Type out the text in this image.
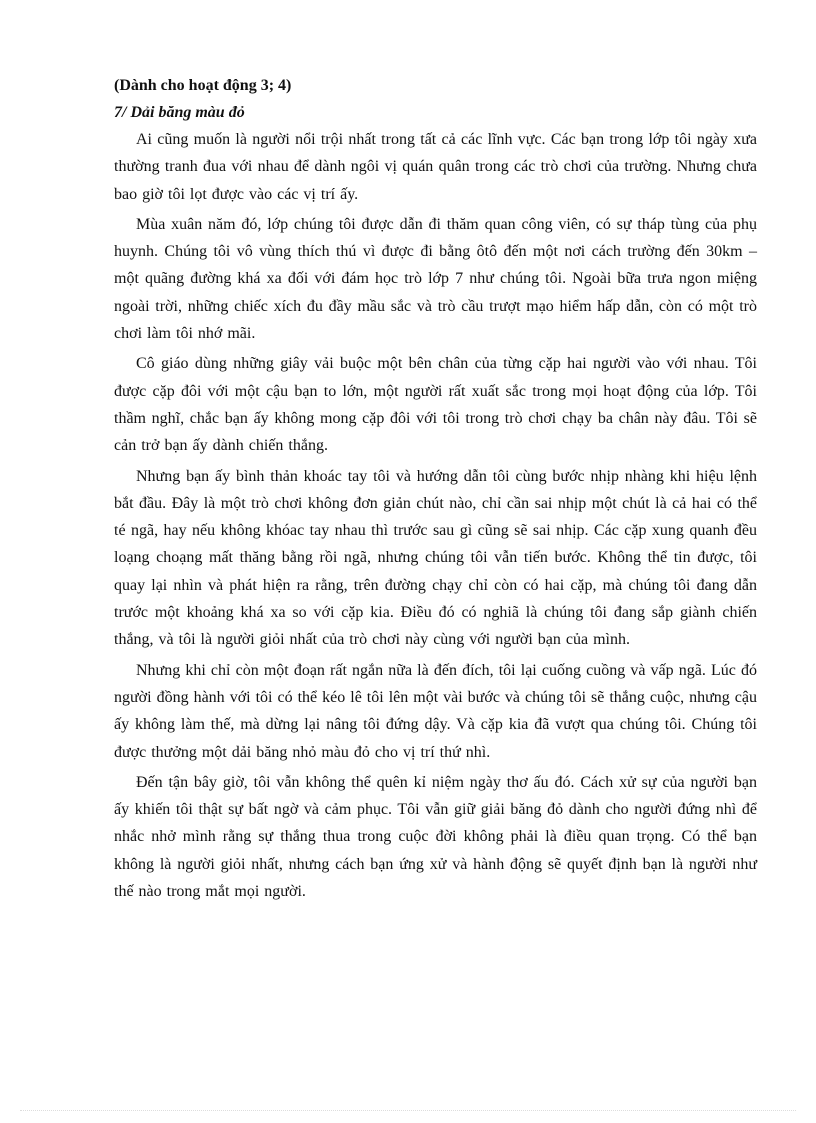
(Dành cho hoạt động 3; 4)

7/ Dải băng màu đỏ

Ai cũng muốn là người nổi trội nhất trong tất cả các lĩnh vực. Các bạn trong lớp tôi ngày xưa thường tranh đua với nhau để dành ngôi vị quán quân trong các trò chơi của trường. Nhưng chưa bao giờ tôi lọt được vào các vị trí ấy.

Mùa xuân năm đó, lớp chúng tôi được dẫn đi thăm quan công viên, có sự tháp tùng của phụ huynh. Chúng tôi vô vùng thích thú vì được đi bằng ôtô đến một nơi cách trường đến 30km – một quãng đường khá xa đối với đám học trò lớp 7 như chúng tôi. Ngoài bữa trưa ngon miệng ngoài trời, những chiếc xích đu đầy mầu sắc và trò cầu trượt mạo hiểm hấp dẫn, còn có một trò chơi làm tôi nhớ mãi.

Cô giáo dùng những giây vải buộc một bên chân của từng cặp hai người vào với nhau. Tôi được cặp đôi với một cậu bạn to lớn, một người rất xuất sắc trong mọi hoạt động của lớp. Tôi thầm nghĩ, chắc bạn ấy không mong cặp đôi với tôi trong trò chơi chạy ba chân này đâu. Tôi sẽ cản trở bạn ấy dành chiến thắng.

Nhưng bạn ấy bình thản khoác tay tôi và hướng dẫn tôi cùng bước nhịp nhàng khi hiệu lệnh bắt đầu. Đây là một trò chơi không đơn giản chút nào, chỉ cần sai nhịp một chút là cả hai có thể té ngã, hay nếu không khóac tay nhau thì trước sau gì cũng sẽ sai nhịp. Các cặp xung quanh đều loạng choạng mất thăng bằng rồi ngã, nhưng chúng tôi vẫn tiến bước. Không thể tin được, tôi quay lại nhìn và phát hiện ra rằng, trên đường chạy chỉ còn có hai cặp, mà chúng tôi đang dẫn trước một khoảng khá xa so với cặp kia. Điều đó có nghiã là chúng tôi đang sắp giành chiến thắng, và tôi là người giỏi nhất của trò chơi này cùng với người bạn của mình.

Nhưng khi chỉ còn một đoạn rất ngắn nữa là đến đích, tôi lại cuống cuồng và vấp ngã. Lúc đó người đồng hành với tôi có thể kéo lê tôi lên một vài bước và chúng tôi sẽ thắng cuộc, nhưng cậu ấy không làm thế, mà dừng lại nâng tôi đứng dậy. Và cặp kia đã vượt qua chúng tôi. Chúng tôi được thưởng một dải băng nhỏ màu đỏ cho vị trí thứ nhì.

Đến tận bây giờ, tôi vẫn không thể quên kỉ niệm ngày thơ ấu đó. Cách xử sự của người bạn ấy khiến tôi thật sự bất ngờ và cảm phục. Tôi vẫn giữ giải băng đỏ dành cho người đứng nhì để nhắc nhở mình rằng sự thắng thua trong cuộc đời không phải là điều quan trọng. Có thể bạn không là người giỏi nhất, nhưng cách bạn ứng xử và hành động sẽ quyết định bạn là người như thế nào trong mắt mọi người.
